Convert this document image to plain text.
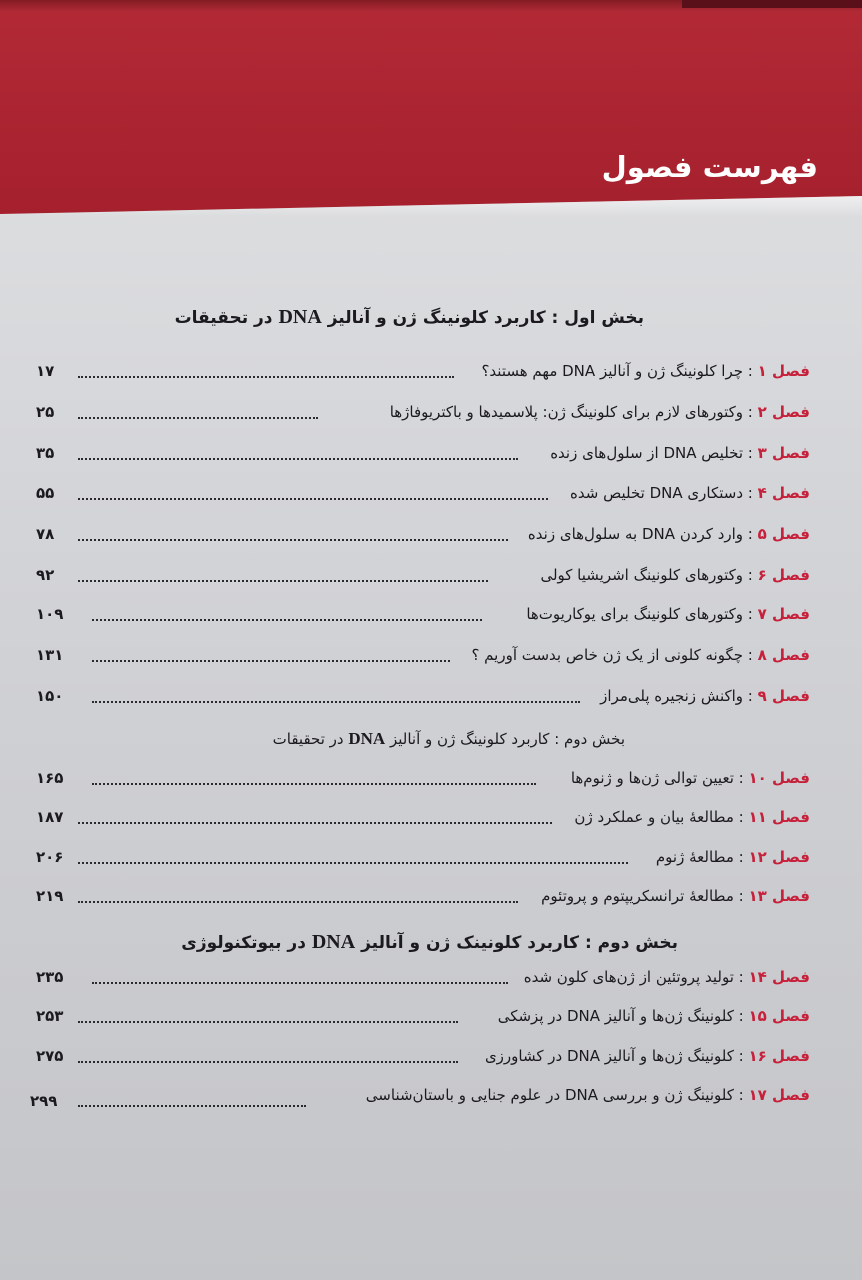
فهرست فصول
بخش اول : کاربرد کلونینگ ژن و آنالیز DNA در تحقیقات
بخش دوم : کاربرد کلونینگ ژن و آنالیز DNA در تحقیقات
بخش دوم : کاربرد کلونینک ژن و آنالیز DNA در بیوتکنولوژی
فصل ۱ : چرا کلونینگ ژن و آنالیز DNA مهم هستند؟
۱۷
فصل ۲ : وکتورهای لازم برای کلونینگ ژن: پلاسمیدها و باکتریوفاژها
۲۵
فصل ۳ : تخلیص DNA از سلول‌های زنده
۳۵
فصل ۴ : دستکاری DNA تخلیص شده
۵۵
فصل ۵ : وارد کردن DNA به سلول‌های زنده
۷۸
فصل ۶ : وکتورهای کلونینگ اشریشیا کولی
۹۲
فصل ۷ : وکتورهای کلونینگ برای یوکاریوت‌ها
۱۰۹
فصل ۸ : چگونه کلونی از یک ژن خاص بدست آوریم ؟
۱۳۱
فصل ۹ : واکنش زنجیره پلی‌مراز
۱۵۰
فصل ۱۰ : تعیین توالی ژن‌ها و ژنوم‌ها
۱۶۵
فصل ۱۱ : مطالعهٔ بیان و عملکرد ژن
۱۸۷
فصل ۱۲ : مطالعهٔ ژنوم
۲۰۶
فصل ۱۳ : مطالعهٔ ترانسکریپتوم و پروتئوم
۲۱۹
فصل ۱۴ : تولید پروتئین از ژن‌های کلون شده
۲۳۵
فصل ۱۵ : کلونینگ ژن‌ها و آنالیز DNA در پزشکی
۲۵۳
فصل ۱۶ : کلونینگ ژن‌ها و آنالیز DNA در کشاورزی
۲۷۵
فصل ۱۷ : کلونینگ ژن و بررسی DNA در علوم جنایی و باستان‌شناسی
۲۹۹
